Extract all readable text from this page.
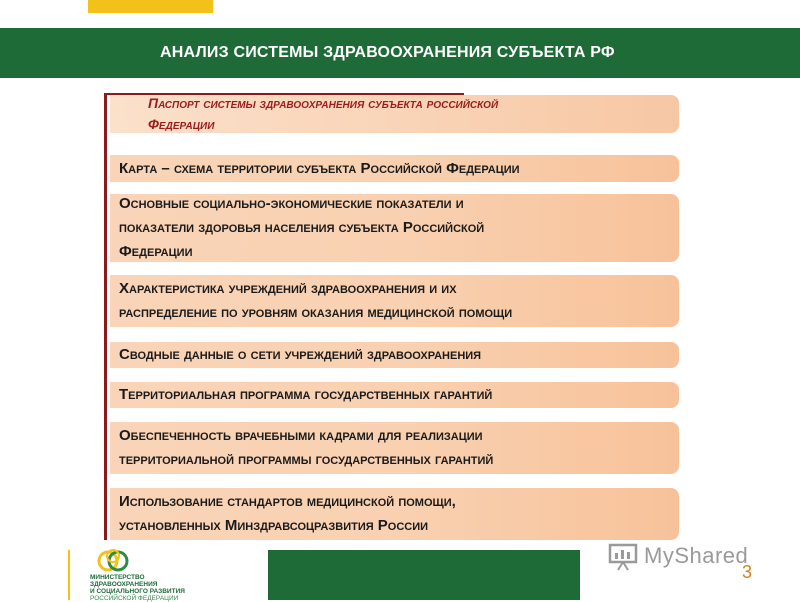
АНАЛИЗ СИСТЕМЫ ЗДРАВООХРАНЕНИЯ СУБЪЕКТА РФ
Паспорт системы здравоохранения субъекта российской
Федерации
Карта – схема территории субъекта Российской Федерации
Основные социально-экономические показатели и
показатели здоровья населения субъекта Российской
Федерации
Характеристика учреждений здравоохранения и их
распределение по уровням оказания медицинской помощи
Сводные данные о сети учреждений здравоохранения
Территориальная программа государственных гарантий
Обеспеченность врачебными кадрами для реализации
территориальной программы государственных гарантий
Использование стандартов медицинской помощи,
установленных Минздравсоцразвития России
МИНИСТЕРСТВО
ЗДРАВООХРАНЕНИЯ
И СОЦИАЛЬНОГО РАЗВИТИЯ
РОССИЙСКОЙ ФЕДЕРАЦИИ
MyShared
3
